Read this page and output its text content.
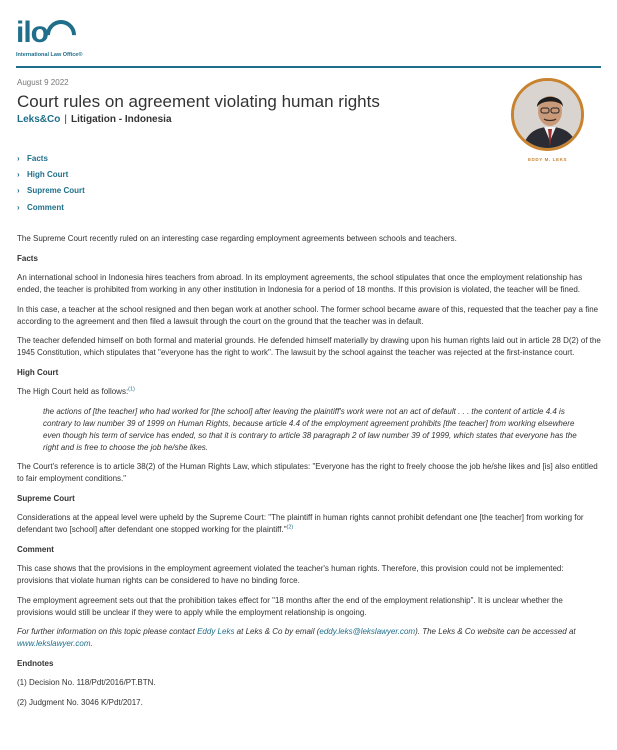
ilo
International Law Office®
August 9 2022
Court rules on agreement violating human rights
Leks&Co | Litigation - Indonesia
EDDY M. LEKS
› Facts
› High Court
› Supreme Court
› Comment

The Supreme Court recently ruled on an interesting case regarding employment agreements between schools and teachers.

Facts

An international school in Indonesia hires teachers from abroad. In its employment agreements, the school stipulates that once the employment relationship has ended, the teacher is prohibited from working in any other institution in Indonesia for a period of 18 months. If this provision is violated, the teacher will be fined.

In this case, a teacher at the school resigned and then began work at another school. The former school became aware of this, requested that the teacher pay a fine according to the agreement and then filed a lawsuit through the court on the ground that the teacher was in default.

The teacher defended himself on both formal and material grounds. He defended himself materially by drawing upon his human rights laid out in article 28 D(2) of the 1945 Constitution, which stipulates that "everyone has the right to work". The lawsuit by the school against the teacher was rejected at the first-instance court.

High Court

The High Court held as follows:$^{(1)}$

the actions of [the teacher] who had worked for [the school] after leaving the plaintiff's work were not an act of default . . . the content of article 4.4 is contrary to law number 39 of 1999 on Human Rights, because article 4.4 of the employment agreement prohibits [the teacher] from working elsewhere even though his term of service has ended, so that it is contrary to article 38 paragraph 2 of law number 39 of 1999, which states that everyone has the right and is free to choose the job he/she likes.

The Court's reference is to article 38(2) of the Human Rights Law, which stipulates: "Everyone has the right to freely choose the job he/she likes and [is] also entitled to fair employment conditions."

Supreme Court

Considerations at the appeal level were upheld by the Supreme Court: "The plaintiff in human rights cannot prohibit defendant one [the teacher] from working for defendant two [school] after defendant one stopped working for the plaintiff."$^{(2)}$

Comment

This case shows that the provisions in the employment agreement violated the teacher's human rights. Therefore, this provision could not be implemented: provisions that violate human rights can be considered to have no binding force.

The employment agreement sets out that the prohibition takes effect for "18 months after the end of the employment relationship". It is unclear whether the provisions would still be unclear if they were to apply while the employment relationship is ongoing.

For further information on this topic please contact Eddy Leks at Leks & Co by email (eddy.leks@lekslawyer.com). The Leks & Co website can be accessed at www.lekslawyer.com.

Endnotes

(1) Decision No. 118/Pdt/2016/PT.BTN.

(2) Judgment No. 3046 K/Pdt/2017.
